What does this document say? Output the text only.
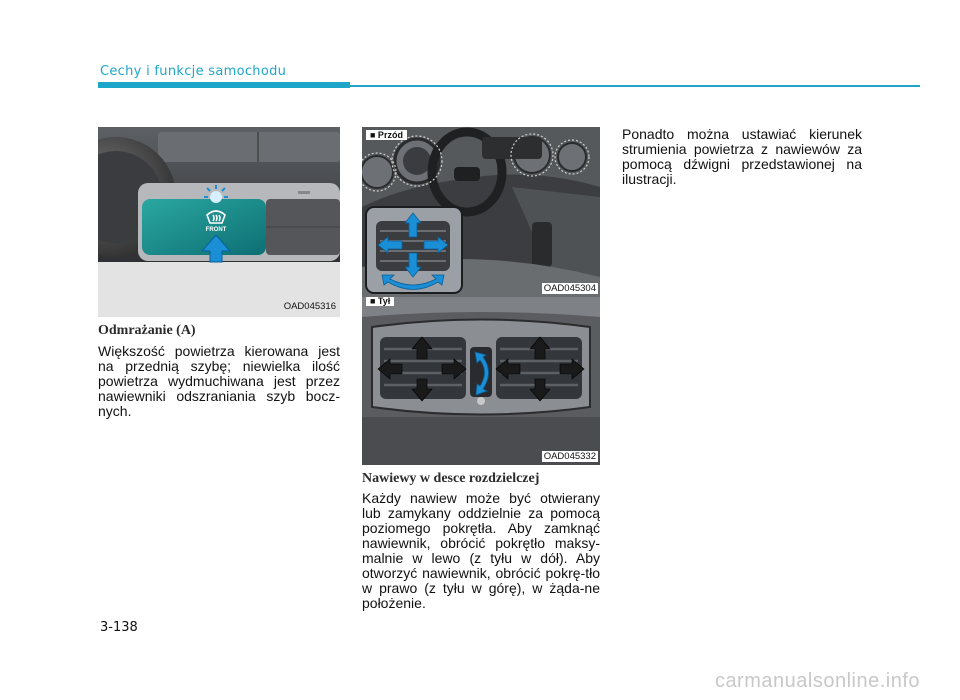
Cechy i funkcje samochodu
FRONT
OAD045316
Odmrażanie (A)
Większość powietrza kierowana jest na przednią szybę; niewielka ilość powietrza wydmuchiwana jest przez nawiewniki odszraniania szyb bocz-nych.
■ Przód
OAD045304
■ Tył
OAD045332
Nawiewy w desce rozdzielczej
Każdy nawiew może być otwierany lub zamykany oddzielnie za pomocą poziomego pokrętła. Aby zamknąć nawiewnik, obrócić pokrętło maksy-malnie w lewo (z tyłu w dół). Aby otworzyć nawiewnik, obrócić pokrę-tło w prawo (z tyłu w górę), w żąda-ne położenie.
Ponadto można ustawiać kierunek strumienia powietrza z nawiewów za pomocą dźwigni przedstawionej na ilustracji.
3-138
carmanualsonline.info
